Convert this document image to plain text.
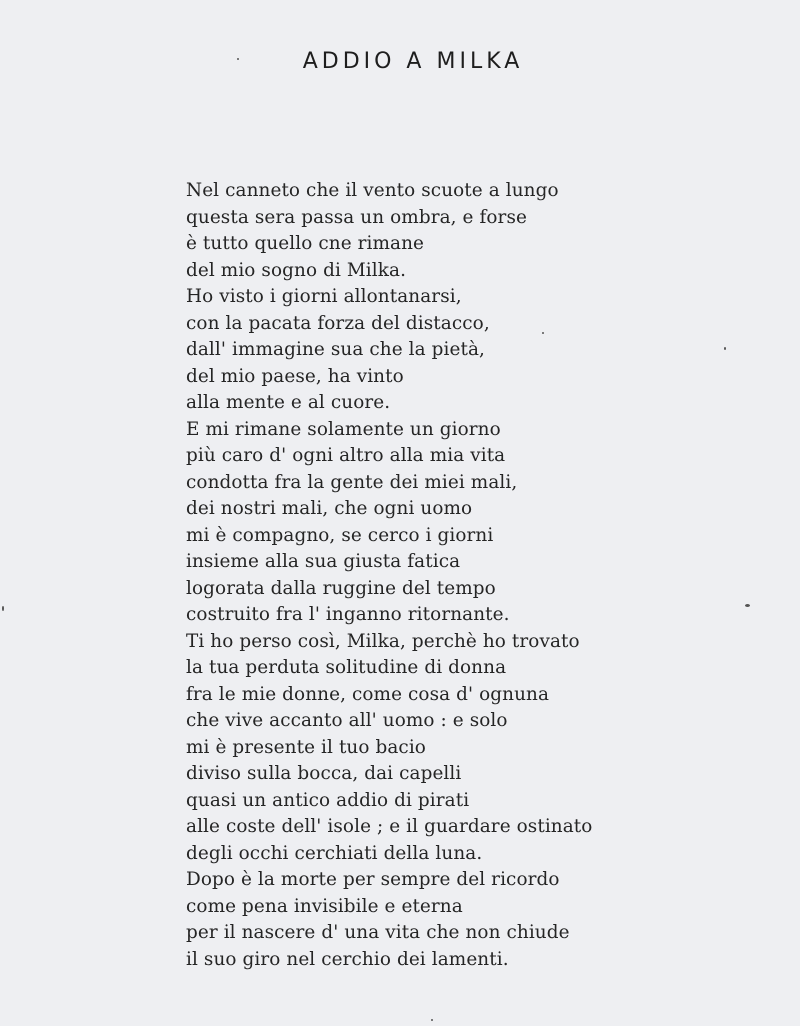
ADDIO A MILKA
Nel canneto che il vento scuote a lungo
questa sera passa un ombra, e forse
è tutto quello cne rimane
del mio sogno di Milka.
Ho visto i giorni allontanarsi,
con la pacata forza del distacco,
dall' immagine sua che la pietà,
del mio paese, ha vinto
alla mente e al cuore.
E mi rimane solamente un giorno
più caro d' ogni altro alla mia vita
condotta fra la gente dei miei mali,
dei nostri mali, che ogni uomo
mi è compagno, se cerco i giorni
insieme alla sua giusta fatica
logorata dalla ruggine del tempo
costruito fra l' inganno ritornante.
Ti ho perso così, Milka, perchè ho trovato
la tua perduta solitudine di donna
fra le mie donne, come cosa d' ognuna
che vive accanto all' uomo : e solo
mi è presente il tuo bacio
diviso sulla bocca, dai capelli
quasi un antico addio di pirati
alle coste dell' isole ; e il guardare ostinato
degli occhi cerchiati della luna.
Dopo è la morte per sempre del ricordo
come pena invisibile e eterna
per il nascere d' una vita che non chiude
il suo giro nel cerchio dei lamenti.
